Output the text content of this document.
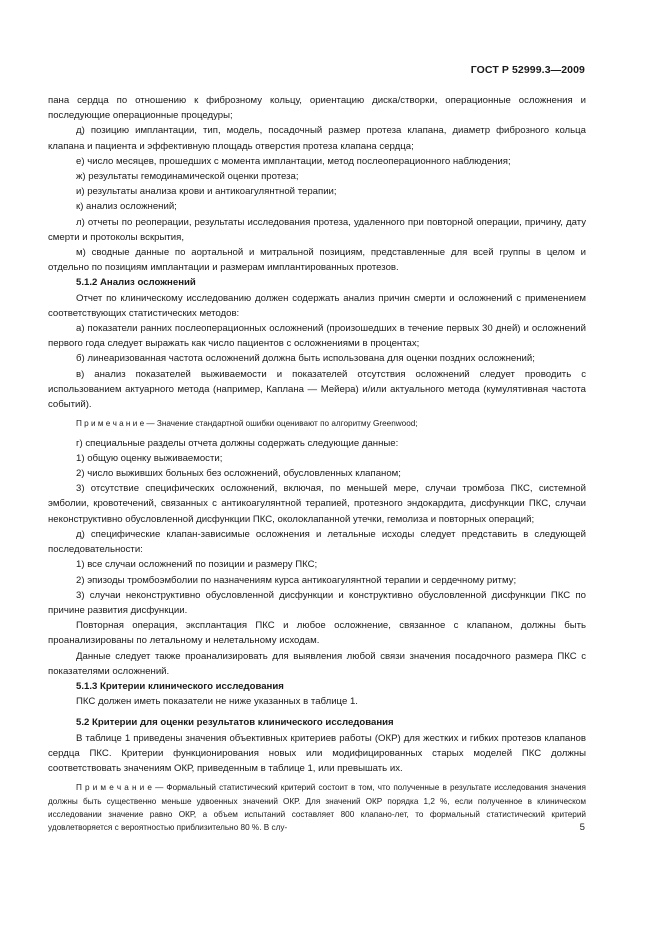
ГОСТ Р 52999.3—2009

пана сердца по отношению к фиброзному кольцу, ориентацию диска/створки, операционные осложнения и последующие операционные процедуры;

д) позицию имплантации, тип, модель, посадочный размер протеза клапана, диаметр фиброзного кольца клапана и пациента и эффективную площадь отверстия протеза клапана сердца;

е) число месяцев, прошедших с момента имплантации, метод послеоперационного наблюдения;

ж) результаты гемодинамической оценки протеза;

и) результаты анализа крови и антикоагулянтной терапии;

к) анализ осложнений;

л) отчеты по реоперации, результаты исследования протеза, удаленного при повторной операции, причину, дату смерти и протоколы вскрытия,

м) сводные данные по аортальной и митральной позициям, представленные для всей группы в целом и отдельно по позициям имплантации и размерам имплантированных протезов.

5.1.2 Анализ осложнений

Отчет по клиническому исследованию должен содержать анализ причин смерти и осложнений с применением соответствующих статистических методов:

а) показатели ранних послеоперационных осложнений (произошедших в течение первых 30 дней) и осложнений первого года следует выражать как число пациентов с осложнениями в процентах;

б) линеаризованная частота осложнений должна быть использована для оценки поздних осложнений;

в) анализ показателей выживаемости и показателей отсутствия осложнений следует проводить с использованием актуарного метода (например, Каплана — Мейера) и/или актуального метода (кумулятивная частота событий).

П р и м е ч а н и е — Значение стандартной ошибки оценивают по алгоритму Greenwood;

г) специальные разделы отчета должны содержать следующие данные:

1) общую оценку выживаемости;

2) число выживших больных без осложнений, обусловленных клапаном;

3) отсутствие специфических осложнений, включая, по меньшей мере, случаи тромбоза ПКС, системной эмболии, кровотечений, связанных с антикоагулянтной терапией, протезного эндокардита, дисфункции ПКС, случаи неконструктивно обусловленной дисфункции ПКС, околоклапанной утечки, гемолиза и повторных операций;

д) специфические клапан-зависимые осложнения и летальные исходы следует представить в следующей последовательности:

1) все случаи осложнений по позиции и размеру ПКС;

2) эпизоды тромбоэмболии по назначениям курса антикоагулянтной терапии и сердечному ритму;

3) случаи неконструктивно обусловленной дисфункции и конструктивно обусловленной дисфункции ПКС по причине развития дисфункции.

Повторная операция, эксплантация ПКС и любое осложнение, связанное с клапаном, должны быть проанализированы по летальному и нелетальному исходам.

Данные следует также проанализировать для выявления любой связи значения посадочного размера ПКС с показателями осложнений.

5.1.3 Критерии клинического исследования

ПКС должен иметь показатели не ниже указанных в таблице 1.

5.2 Критерии для оценки результатов клинического исследования

В таблице 1 приведены значения объективных критериев работы (ОКР) для жестких и гибких протезов клапанов сердца ПКС. Критерии функционирования новых или модифицированных старых моделей ПКС должны соответствовать значениям ОКР, приведенным в таблице 1, или превышать их.

П р и м е ч а н и е — Формальный статистический критерий состоит в том, что полученные в результате исследования значения должны быть существенно меньше удвоенных значений ОКР. Для значений ОКР порядка 1,2 %, если полученное в клиническом исследовании значение равно ОКР, а объем испытаний составляет 800 клапано-лет, то формальный статистический критерий удовлетворяется с вероятностью приблизительно 80 %. В слу-	5
